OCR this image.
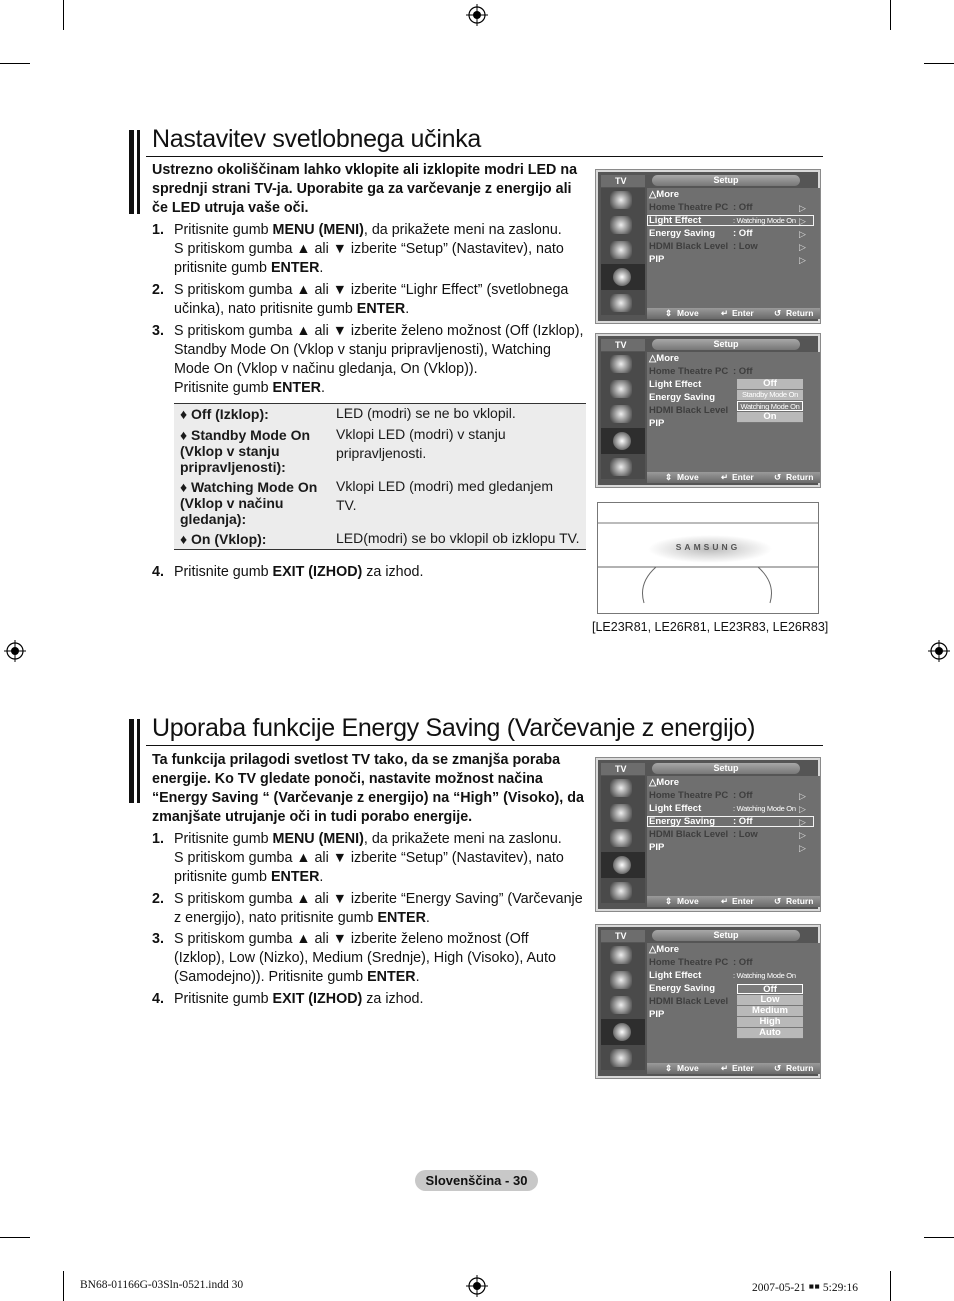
Nastavitev svetlobnega učinka
Ustrezno okoliščinam lahko vklopite ali izklopite modri LED na sprednji strani TV-ja. Uporabite ga za varčevanje z energijo ali če LED utruja vaše oči.
1. Pritisnite gumb MENU (MENI), da prikažete meni na zaslonu.
S pritiskom gumba ▲ ali ▼ izberite “Setup” (Nastavitev), nato
pritisnite gumb ENTER.
2. S pritiskom gumba ▲ ali ▼ izberite “Lighr Effect” (svetlobnega
učinka), nato pritisnite gumb ENTER.
3. S pritiskom gumba ▲ ali ▼ izberite želeno možnost (Off (Izklop),
Standby Mode On (Vklop v stanju pripravljenosti), Watching
Mode On (Vklop v načinu gledanja, On (Vklop)).
Pritisnite gumb ENTER.
♦ Off (Izklop):	LED (modri) se ne bo vklopil.
♦ Standby Mode On (Vklop v stanju pripravljenosti):
Vklopi LED (modri) v stanju pripravljenosti.
♦ Watching Mode On (Vklop v načinu gledanja):
Vklopi LED (modri) med gledanjem TV.
♦ On (Vklop):	LED(modri) se bo vklopil ob izklopu TV.
4. Pritisnite gumb EXIT (IZHOD) za izhod.
TV	Setup
△More
Home Theatre PC : Off	▷
Light Effect	: Watching Mode On ▷
Energy Saving : Off	▷
HDMI Black Level : Low	▷
PIP	▷
⇕ Move	↵ Enter ↺ Return
TV	Setup
△More
Home Theatre PC : Off
Light Effect
Energy Saving
HDMI Black Level
PIP
Off
Standby Mode On
Watching Mode On
On
⇕ Move	↵ Enter ↺ Return
SAMSUNG
[LE23R81, LE26R81, LE23R83, LE26R83]
Uporaba funkcije Energy Saving (Varčevanje z energijo)
Ta funkcija prilagodi svetlost TV tako, da se zmanjša poraba energije. Ko TV gledate ponoči, nastavite možnost načina “Energy Saving “ (Varčevanje z energijo) na “High” (Visoko), da zmanjšate utrujanje oči in tudi porabo energije.
1. Pritisnite gumb MENU (MENI), da prikažete meni na zaslonu.
S pritiskom gumba ▲ ali ▼ izberite “Setup” (Nastavitev), nato
pritisnite gumb ENTER.
2. S pritiskom gumba ▲ ali ▼ izberite “Energy Saving” (Varčevanje
z energijo), nato pritisnite gumb ENTER.
3. S pritiskom gumba ▲ ali ▼ izberite želeno možnost (Off
(Izklop), Low (Nizko), Medium (Srednje), High (Visoko), Auto
(Samodejno)). Pritisnite gumb ENTER.
4. Pritisnite gumb EXIT (IZHOD) za izhod.
TV	Setup
△More
Home Theatre PC : Off	▷
Light Effect	: Watching Mode On ▷
Energy Saving : Off	▷
HDMI Black Level : Low	▷
PIP	▷
⇕ Move	↵ Enter ↺ Return
TV	Setup
△More
Home Theatre PC : Off
Light Effect	: Watching Mode On
Energy Saving
HDMI Black Level
PIP
Off
Low
Medium
High
Auto
⇕ Move	↵ Enter ↺ Return
Slovenščina - 30
BN68-01166G-03Sln-0521.indd 30	2007-05-21 ￭￭ 5:29:16
